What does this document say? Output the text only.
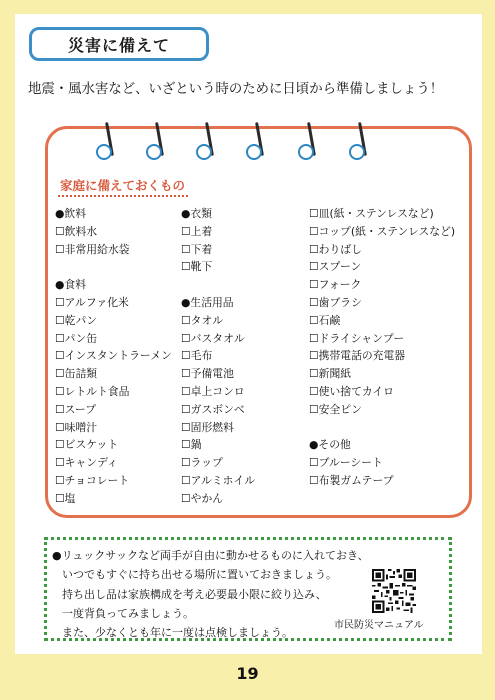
災害に備えて
地震・風水害など、いざという時のために日頃から準備しましょう！
家庭に備えておくもの
●飲料
☐飲料水
☐非常用給水袋
●食料
☐アルファ化米
☐乾パン
☐パン缶
☐インスタントラーメン
☐缶詰類
☐レトルト食品
☐スープ
☐味噌汁
☐ビスケット
☐キャンディ
☐チョコレート
☐塩
●衣類
☐上着
☐下着
☐靴下
●生活用品
☐タオル
☐バスタオル
☐毛布
☐予備電池
☐卓上コンロ
☐ガスボンベ
☐固形燃料
☐鍋
☐ラップ
☐アルミホイル
☐やかん
☐皿(紙・ステンレスなど)
☐コップ(紙・ステンレスなど)
☐わりばし
☐スプーン
☐フォーク
☐歯ブラシ
☐石鹸
☐ドライシャンプー
☐携帯電話の充電器
☐新聞紙
☐使い捨てカイロ
☐安全ピン
●その他
☐ブルーシート
☐布製ガムテープ
●リュックサックなど両手が自由に動かせるものに入れておき、
いつでもすぐに持ち出せる場所に置いておきましょう。
持ち出し品は家族構成を考え必要最小限に絞り込み、
一度背負ってみましょう。
また、少なくとも年に一度は点検しましょう。
市民防災マニュアル
19
